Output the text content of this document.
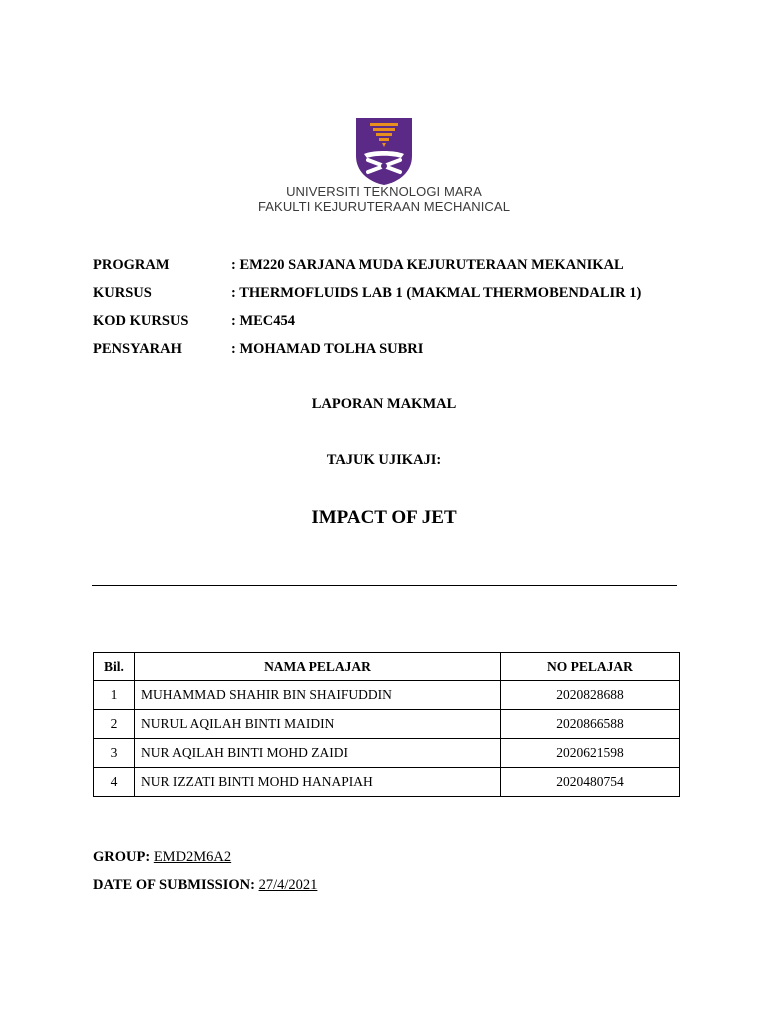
UNIVERSITI TEKNOLOGI MARA
FAKULTI KEJURUTERAAN MECHANICAL
PROGRAM	: EM220 SARJANA MUDA KEJURUTERAAN MEKANIKAL
KURSUS	: THERMOFLUIDS LAB 1 (MAKMAL THERMOBENDALIR 1)
KOD KURSUS	: MEC454
PENSYARAH	: MOHAMAD TOLHA SUBRI
LAPORAN MAKMAL
TAJUK UJIKAJI:
IMPACT OF JET
Bil.	NAMA PELAJAR	NO PELAJAR
1	MUHAMMAD SHAHIR BIN SHAIFUDDIN	2020828688
2	NURUL AQILAH BINTI MAIDIN	2020866588
3	NUR AQILAH BINTI MOHD ZAIDI	2020621598
4	NUR IZZATI BINTI MOHD HANAPIAH	2020480754
GROUP: EMD2M6A2
DATE OF SUBMISSION: 27/4/2021
